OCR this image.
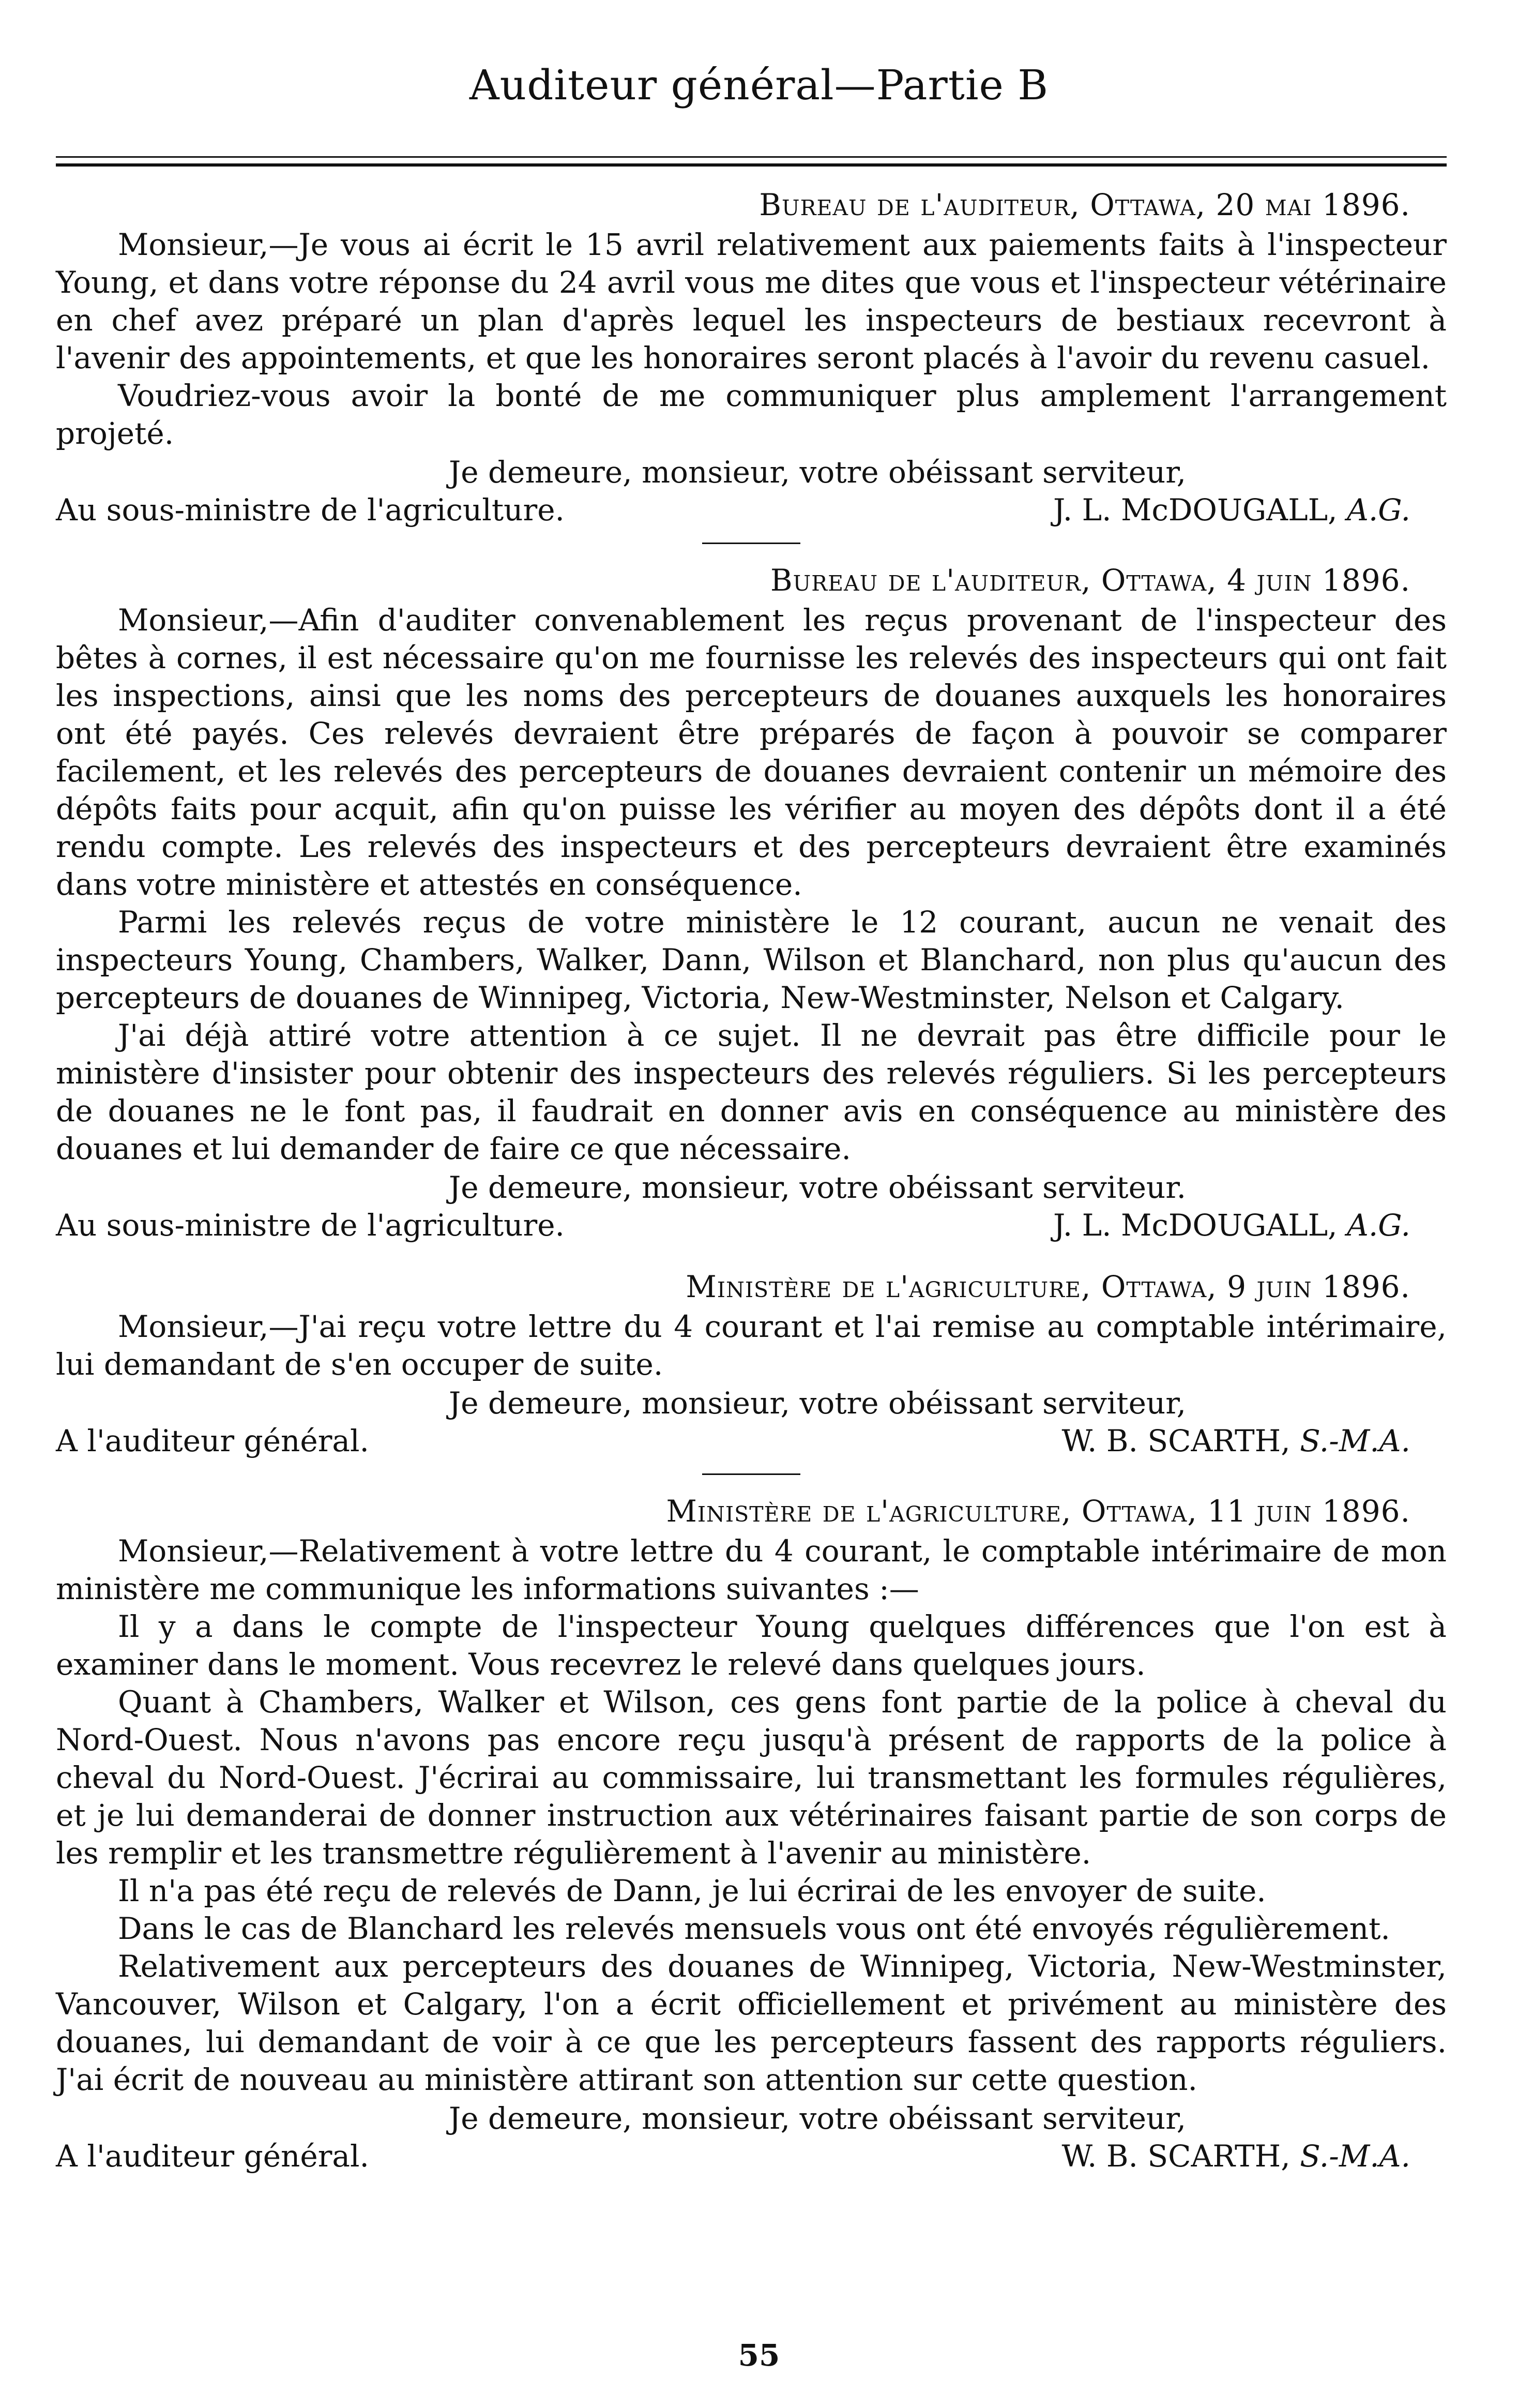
Auditeur général—Partie B
Bureau de l'auditeur, Ottawa, 20 mai 1896.

Monsieur,—Je vous ai écrit le 15 avril relativement aux paiements faits à l'inspecteur Young, et dans votre réponse du 24 avril vous me dites que vous et l'inspecteur vétérinaire en chef avez préparé un plan d'après lequel les inspecteurs de bestiaux recevront à l'avenir des appointements, et que les honoraires seront placés à l'avoir du revenu casuel.

Voudriez-vous avoir la bonté de me communiquer plus amplement l'arrangement projeté.

Je demeure, monsieur, votre obéissant serviteur,
Au sous-ministre de l'agriculture.	J. L. McDOUGALL, A.G.
Bureau de l'auditeur, Ottawa, 4 juin 1896.

Monsieur,—Afin d'auditer convenablement les reçus provenant de l'inspecteur des bêtes à cornes, il est nécessaire qu'on me fournisse les relevés des inspecteurs qui ont fait les inspections, ainsi que les noms des percepteurs de douanes auxquels les honoraires ont été payés. Ces relevés devraient être préparés de façon à pouvoir se comparer facilement, et les relevés des percepteurs de douanes devraient contenir un mémoire des dépôts faits pour acquit, afin qu'on puisse les vérifier au moyen des dépôts dont il a été rendu compte. Les relevés des inspecteurs et des percepteurs devraient être examinés dans votre ministère et attestés en conséquence.

Parmi les relevés reçus de votre ministère le 12 courant, aucun ne venait des inspecteurs Young, Chambers, Walker, Dann, Wilson et Blanchard, non plus qu'aucun des percepteurs de douanes de Winnipeg, Victoria, New-Westminster, Nelson et Calgary.

J'ai déjà attiré votre attention à ce sujet. Il ne devrait pas être difficile pour le ministère d'insister pour obtenir des inspecteurs des relevés réguliers. Si les percepteurs de douanes ne le font pas, il faudrait en donner avis en conséquence au ministère des douanes et lui demander de faire ce que nécessaire.

Je demeure, monsieur, votre obéissant serviteur.
Au sous-ministre de l'agriculture.	J. L. McDOUGALL, A.G.
Ministère de l'agriculture, Ottawa, 9 juin 1896.

Monsieur,—J'ai reçu votre lettre du 4 courant et l'ai remise au comptable intérimaire, lui demandant de s'en occuper de suite.

Je demeure, monsieur, votre obéissant serviteur,
A l'auditeur général.	W. B. SCARTH, S.-M.A.
Ministère de l'agriculture, Ottawa, 11 juin 1896.

Monsieur,—Relativement à votre lettre du 4 courant, le comptable intérimaire de mon ministère me communique les informations suivantes :—

Il y a dans le compte de l'inspecteur Young quelques différences que l'on est à examiner dans le moment. Vous recevrez le relevé dans quelques jours.

Quant à Chambers, Walker et Wilson, ces gens font partie de la police à cheval du Nord-Ouest. Nous n'avons pas encore reçu jusqu'à présent de rapports de la police à cheval du Nord-Ouest. J'écrirai au commissaire, lui transmettant les formules régulières, et je lui demanderai de donner instruction aux vétérinaires faisant partie de son corps de les remplir et les transmettre régulièrement à l'avenir au ministère.

Il n'a pas été reçu de relevés de Dann, je lui écrirai de les envoyer de suite.

Dans le cas de Blanchard les relevés mensuels vous ont été envoyés régulièrement.

Relativement aux percepteurs des douanes de Winnipeg, Victoria, New-Westminster, Vancouver, Wilson et Calgary, l'on a écrit officiellement et privément au ministère des douanes, lui demandant de voir à ce que les percepteurs fassent des rapports réguliers. J'ai écrit de nouveau au ministère attirant son attention sur cette question.

Je demeure, monsieur, votre obéissant serviteur,
A l'auditeur général.	W. B. SCARTH, S.-M.A.
55
